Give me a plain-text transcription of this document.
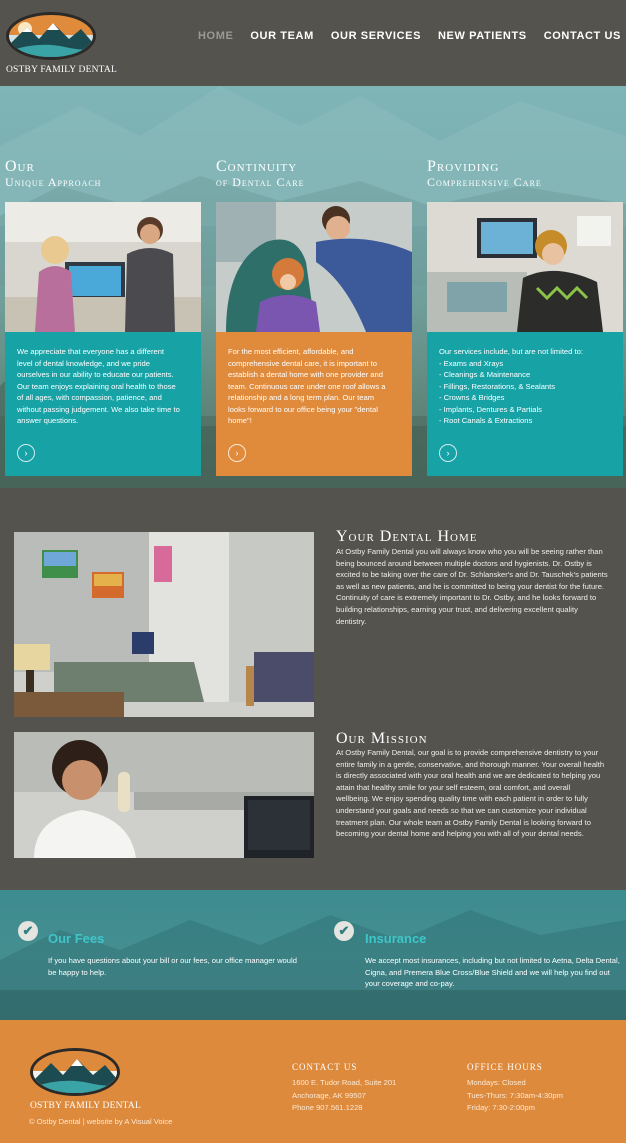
OSTBY FAMILY DENTAL
HOME OUR TEAM OUR SERVICES NEW PATIENTS CONTACT US
Our
Unique Approach
We appreciate that everyone has a different
level of dental knowledge, and we pride
ourselves in our ability to educate our patients.
Our team enjoys explaining oral health to those
of all ages, with compassion, patience, and
without passing judgement. We also take time to
answer questions.
›
Continuity
of Dental Care
For the most efficient, affordable, and
comprehensive dental care, it is important to
establish a dental home with one provider and
team. Continuous care under one roof allows a
relationship and a long term plan. Our team
looks forward to our office being your "dental
home"!
›
Providing
Comprehensive Care
Our services include, but are not limited to:
- Exams and Xrays
- Cleanings & Maintenance
- Fillings, Restorations, & Sealants
- Crowns & Bridges
- Implants, Dentures & Partials
- Root Canals & Extractions
›
Your Dental Home
At Ostby Family Dental you will always know who you will be seeing rather than
being bounced around between multiple doctors and hygienists. Dr. Ostby is
excited to be taking over the care of Dr. Schlansker's and Dr. Tauschek's patients
as well as new patients, and he is committed to being your dentist for the future.
Continuity of care is extremely important to Dr. Ostby, and he looks forward to
building relationships, earning your trust, and delivering excellent quality
dentistry.
Our Mission
At Ostby Family Dental, our goal is to provide comprehensive dentistry to your
entire family in a gentle, conservative, and thorough manner. Your overall health
is directly associated with your oral health and we are dedicated to helping you
attain that healthy smile for your self esteem, oral comfort, and overall
wellbeing. We enjoy spending quality time with each patient in order to fully
understand your goals and needs so that we can customize your individual
treatment plan. Our whole team at Ostby Family Dental is looking forward to
becoming your dental home and helping you with all of your dental needs.
✔
Our Fees
If you have questions about your bill or our fees, our office manager would
be happy to help.
✔
Insurance
We accept most insurances, including but not limited to Aetna, Delta Dental,
Cigna, and Premera Blue Cross/Blue Shield and we will help you find out
your coverage and co-pay.
OSTBY FAMILY DENTAL
CONTACT US
1600 E. Tudor Road, Suite 201
Anchorage, AK 99507
Phone 907.561.1228
OFFICE HOURS
Mondays: Closed
Tues-Thurs: 7:30am-4:30pm
Friday: 7:30-2:00pm
© Ostby Dental | website by A Visual Voice
